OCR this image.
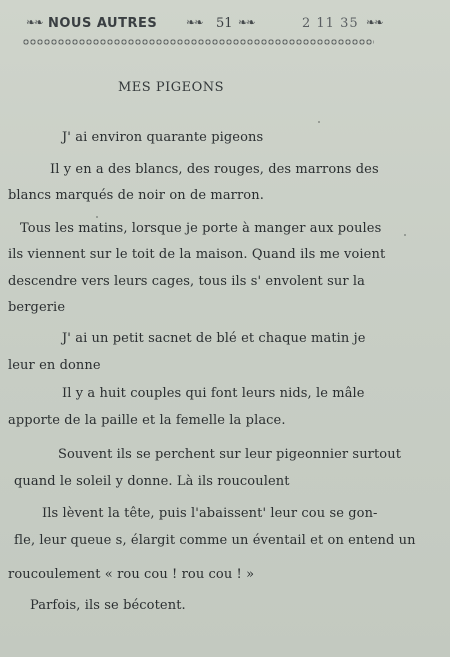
❧❧ NOUS AUTRES	❧❧ 51 ❧❧	2 11 35 ❧❧
MES PIGEONS
J' ai environ quarante pigeons
Il y en a des blancs, des rouges, des marrons des
blancs marqués de noir on de marron.
Tous les matins, lorsque je porte à manger aux poules
ils viennent sur le toit de la maison. Quand ils me voient
descendre vers leurs cages, tous ils s' envolent sur la
bergerie
J' ai un petit sacnet de blé et chaque matin je
leur en donne
Il y a huit couples qui font leurs nids, le mâle
apporte de la paille et la femelle la place.
Souvent ils se perchent sur leur pigeonnier surtout
quand le soleil y donne. Là ils roucoulent
Ils lèvent la tête, puis l'abaissent' leur cou se gon-
fle, leur queue s, élargit comme un éventail et on entend un
roucoulement « rou cou ! rou cou ! »
Parfois, ils se bécotent.
